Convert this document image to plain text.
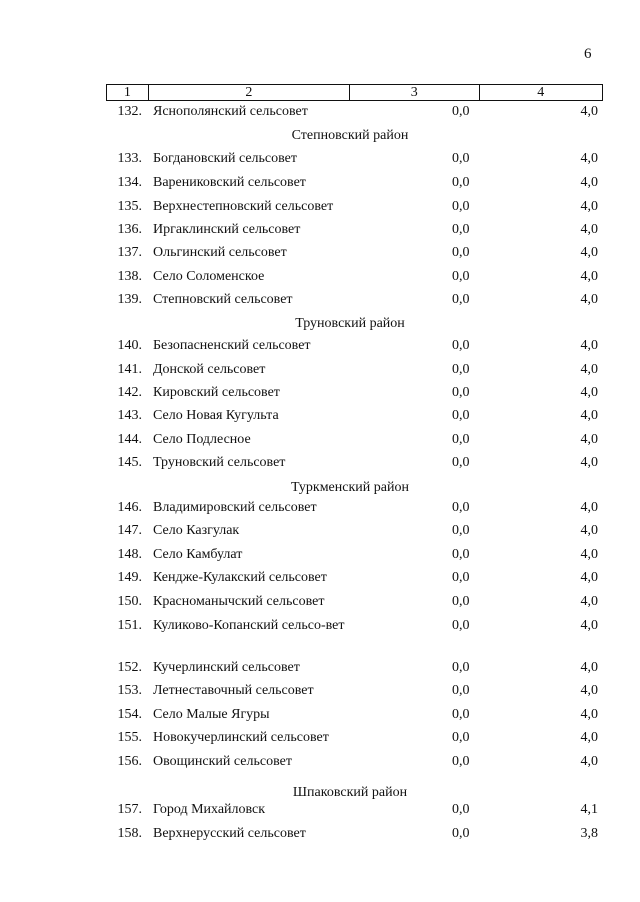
6
1	2	3	4
132. Яснополянский сельсовет	0,0	4,0
Степновский район
133. Богдановский сельсовет	0,0	4,0
134. Варениковский сельсовет	0,0	4,0
135. Верхнестепновский сельсовет	0,0	4,0
136. Иргаклинский сельсовет	0,0	4,0
137. Ольгинский сельсовет	0,0	4,0
138. Село Соломенское	0,0	4,0
139. Степновский сельсовет	0,0	4,0
Труновский район
140. Безопасненский сельсовет	0,0	4,0
141. Донской сельсовет	0,0	4,0
142. Кировский сельсовет	0,0	4,0
143. Село Новая Кугульта	0,0	4,0
144. Село Подлесное	0,0	4,0
145. Труновский сельсовет	0,0	4,0
Туркменский район
146. Владимировский сельсовет	0,0	4,0
147. Село Казгулак	0,0	4,0
148. Село Камбулат	0,0	4,0
149. Кендже-Кулакский сельсовет	0,0	4,0
150. Красноманычский сельсовет	0,0	4,0
151. Куликово-Копанский сельсо-вет	0,0	4,0
152. Кучерлинский сельсовет	0,0	4,0
153. Летнеставочный сельсовет	0,0	4,0
154. Село Малые Ягуры	0,0	4,0
155. Новокучерлинский сельсовет	0,0	4,0
156. Овощинский сельсовет	0,0	4,0
Шпаковский район
157. Город Михайловск	0,0	4,1
158. Верхнерусский сельсовет	0,0	3,8
